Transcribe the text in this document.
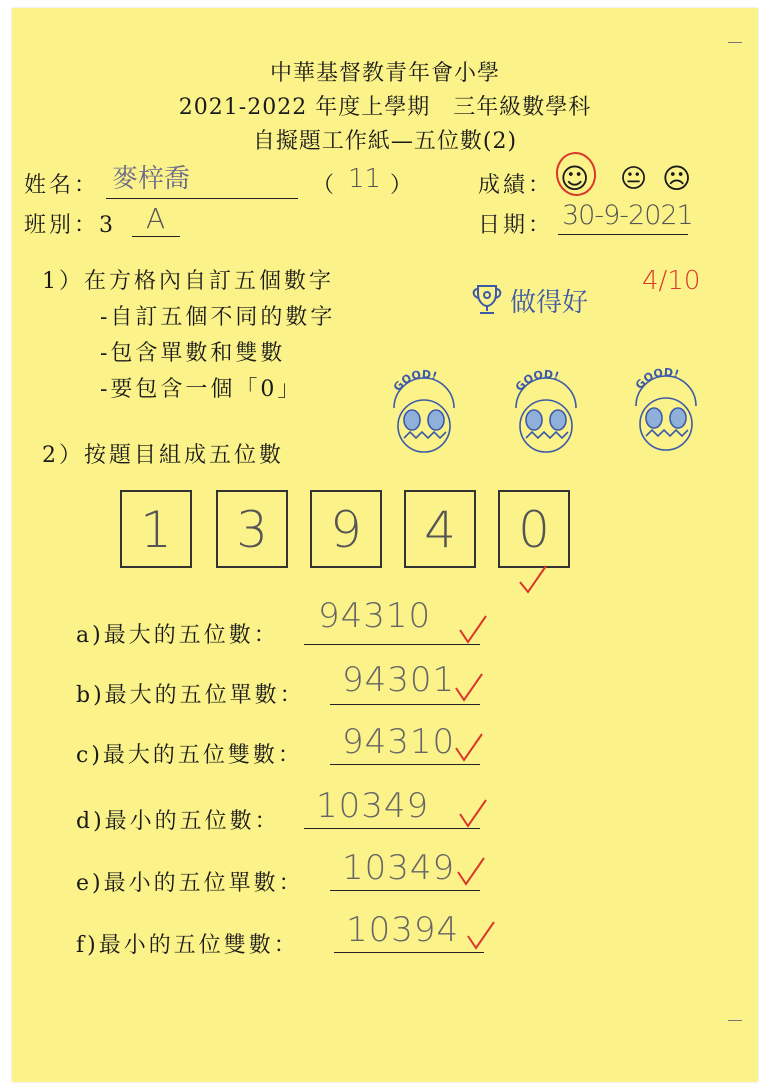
中華基督教青年會小學
2021-2022 年度上學期　三年級數學科
自擬題工作紙—五位數(2)
姓名： 麥梓喬	（ 11 ）	成績： ☺ 😐 ☹
班別：3 A	日期： 30-9-2021
4/10
做得好
1）在方格內自訂五個數字
-自訂五個不同的數字
-包含單數和雙數
-要包含一個「0」	GOOD!
GOOD!
GOOD!
2）按題目組成五位數
1	3	9	4	0
a)最大的五位數： 94310
b)最大的五位單數： 94301
c)最大的五位雙數： 94310
d)最小的五位數： 10349
e)最小的五位單數： 10349
f)最小的五位雙數： 10394
